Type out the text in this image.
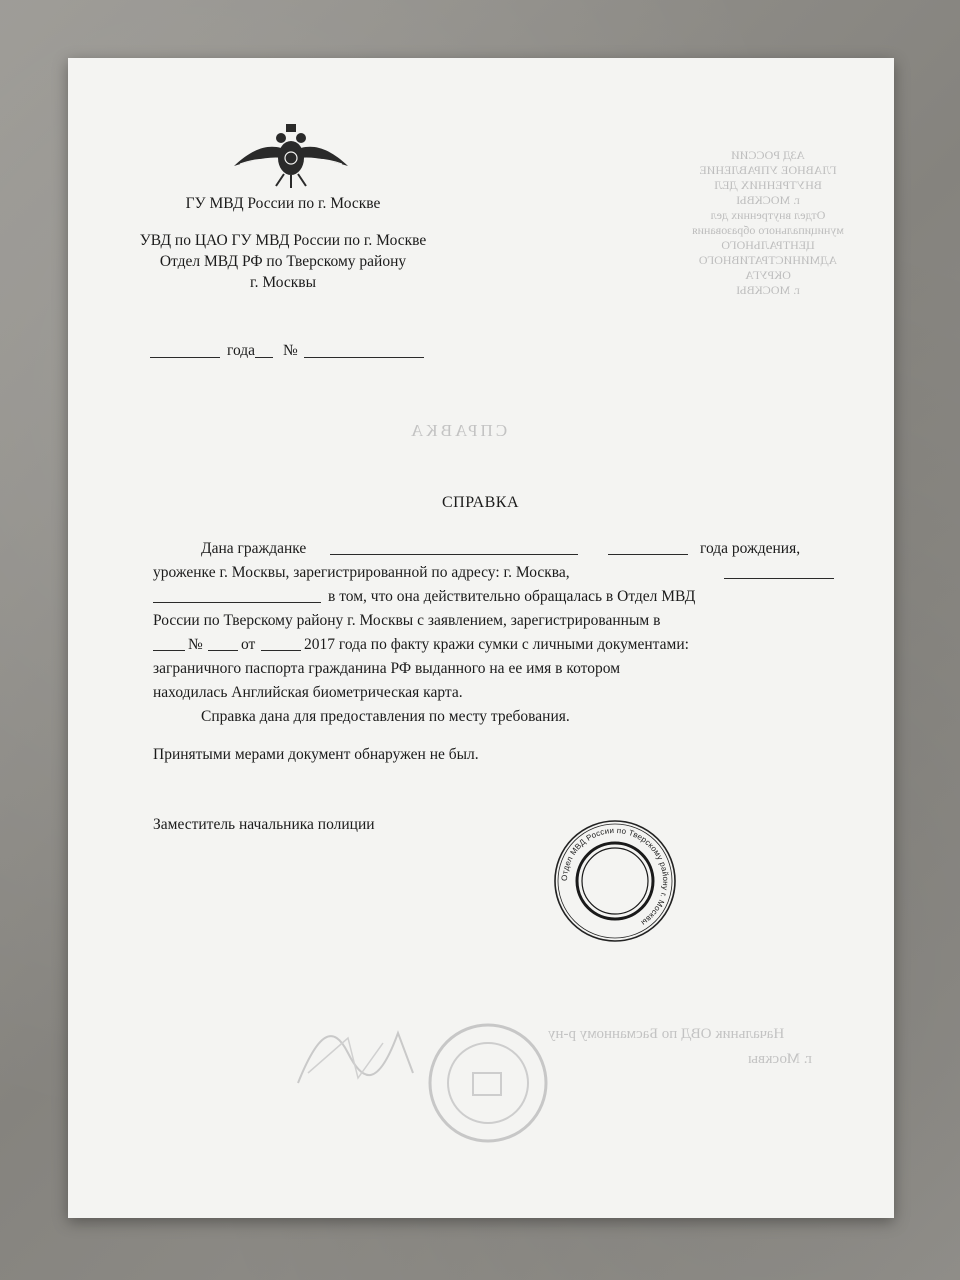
АЗД РОССИИ
ГЛАВНОЕ УПРАВЛЕНИЕ
ВНУТРЕННИХ ДЕЛ
г. МОСКВЫ
Отдел внутренних дел
муниципального образования
ЦЕНТРАЛЬНОГО
АДМИНИСТРАТИВНОГО
ОКРУГА
г. МОСКВЫ
СПРАВКА
Начальник ОВД по Басманному р-ну
г. Москвы
ГУ МВД России по г. Москве
УВД по ЦАО ГУ МВД России по г. Москве
Отдел МВД РФ по Тверскому району
г. Москвы
года №
СПРАВКА
Дана гражданке	года рождения,
уроженке г. Москвы, зарегистрированной по адресу: г. Москва,
в том, что она действительно обращалась в Отдел МВД
России по Тверскому району г. Москвы с заявлением, зарегистрированным в
№ от	2017 года по факту кражи сумки с личными документами:
заграничного паспорта гражданина РФ выданного на ее имя в котором
находилась Английская биометрическая карта.
Справка дана для предоставления по месту требования.
Принятыми мерами документ обнаружен не был.
Заместитель начальника полиции
Отдел МВД России по Тверскому району г. Москвы
